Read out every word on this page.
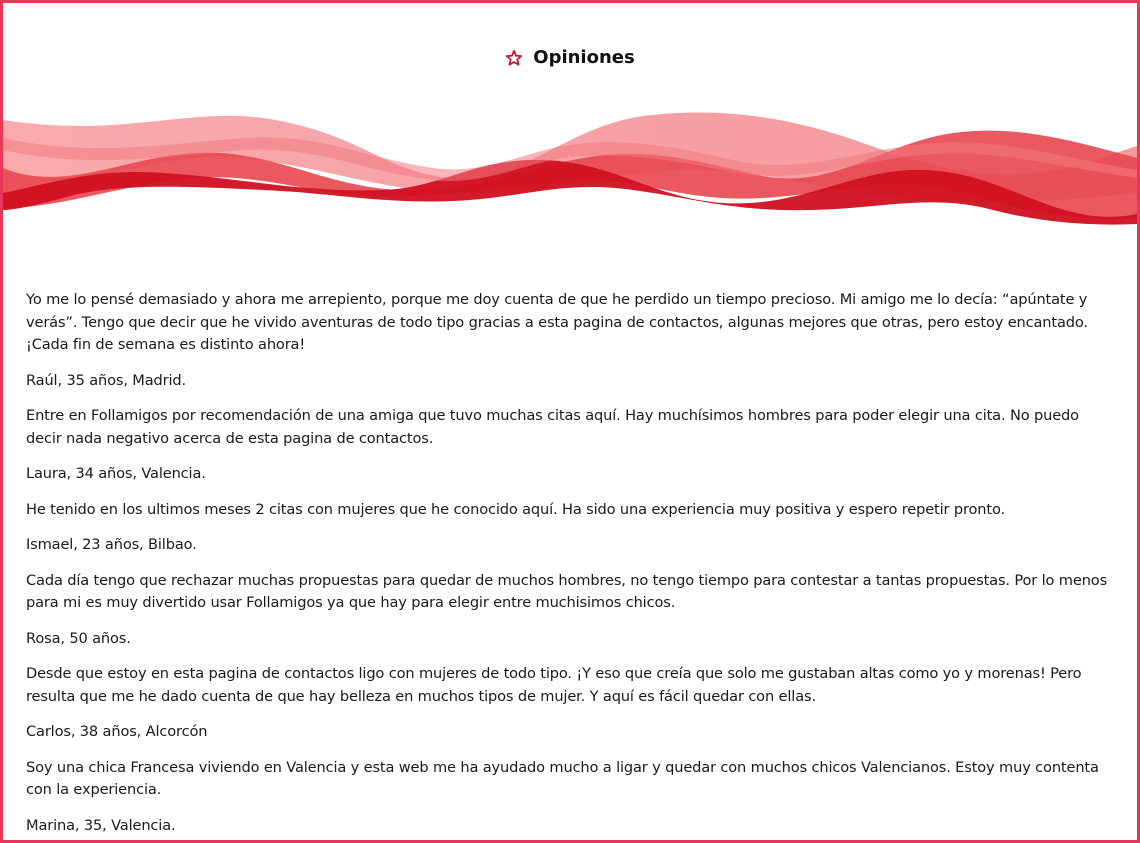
Opiniones

Yo me lo pensé demasiado y ahora me arrepiento, porque me doy cuenta de que he perdido un tiempo precioso. Mi amigo me lo decía: “apúntate y verás”. Tengo que decir que he vivido aventuras de todo tipo gracias a esta pagina de contactos, algunas mejores que otras, pero estoy encantado. ¡Cada fin de semana es distinto ahora!

Raúl, 35 años, Madrid.

Entre en Follamigos por recomendación de una amiga que tuvo muchas citas aquí. Hay muchísimos hombres para poder elegir una cita. No puedo decir nada negativo acerca de esta pagina de contactos.

Laura, 34 años, Valencia.

He tenido en los ultimos meses 2 citas con mujeres que he conocido aquí. Ha sido una experiencia muy positiva y espero repetir pronto.

Ismael, 23 años, Bilbao.

Cada día tengo que rechazar muchas propuestas para quedar de muchos hombres, no tengo tiempo para contestar a tantas propuestas. Por lo menos para mi es muy divertido usar Follamigos ya que hay para elegir entre muchisimos chicos.

Rosa, 50 años.

Desde que estoy en esta pagina de contactos ligo con mujeres de todo tipo. ¡Y eso que creía que solo me gustaban altas como yo y morenas! Pero resulta que me he dado cuenta de que hay belleza en muchos tipos de mujer. Y aquí es fácil quedar con ellas.

Carlos, 38 años, Alcorcón

Soy una chica Francesa viviendo en Valencia y esta web me ha ayudado mucho a ligar y quedar con muchos chicos Valencianos. Estoy muy contenta con la experiencia.

Marina, 35, Valencia.
